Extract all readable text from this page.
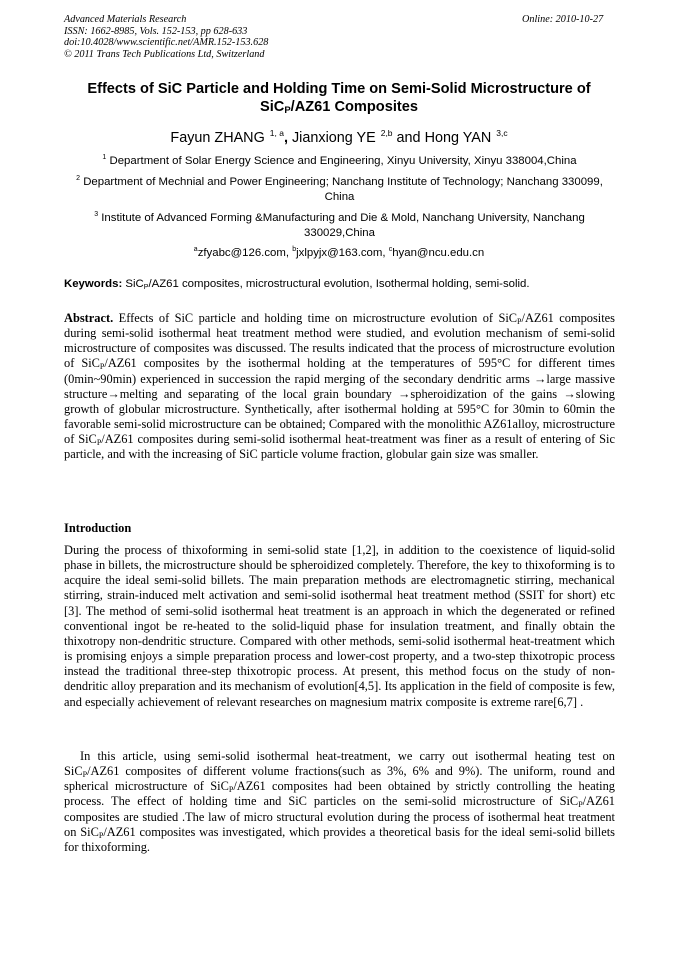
Advanced Materials Research
ISSN: 1662-8985, Vols. 152-153, pp 628-633
doi:10.4028/www.scientific.net/AMR.152-153.628
© 2011 Trans Tech Publications Ltd, Switzerland
Online: 2010-10-27
Effects of SiC Particle and Holding Time on Semi-Solid Microstructure of SiC$_P$/AZ61 Composites
Fayun ZHANG $^{1, a}$, Jianxiong YE $^{2,b}$ and Hong YAN $^{3,c}$
$^1$ Department of Solar Energy Science and Engineering, Xinyu University, Xinyu 338004,China
$^2$ Department of Mechnial and Power Engineering; Nanchang Institute of Technology; Nanchang 330099, China
$^3$ Institute of Advanced Forming &Manufacturing and Die & Mold, Nanchang University, Nanchang 330029,China
$^a$zfyabc@126.com, $^b$jxlpyjx@163.com, $^c$hyan@ncu.edu.cn
Keywords: SiC$_P$/AZ61 composites, microstructural evolution, Isothermal holding, semi-solid.
Abstract. Effects of SiC particle and holding time on microstructure evolution of SiC$_P$/AZ61 composites during semi-solid isothermal heat treatment method were studied, and evolution mechanism of semi-solid microstructure of composites was discussed. The results indicated that the process of microstructure evolution of SiC$_P$/AZ61 composites by the isothermal holding at the temperatures of 595°C for different times (0min~90min) experienced in succession the rapid merging of the secondary dendritic arms →large massive structure→melting and separating of the local grain boundary →spheroidization of the gains →slowing growth of globular microstructure. Synthetically, after isothermal holding at 595°C for 30min to 60min the favorable semi-solid microstructure can be obtained; Compared with the monolithic AZ61alloy, microstructure of SiC$_P$/AZ61 composites during semi-solid isothermal heat-treatment was finer as a result of entering of Sic particle, and with the increasing of SiC particle volume fraction, globular gain size was smaller.
Introduction
During the process of thixoforming in semi-solid state [1,2], in addition to the coexistence of liquid-solid phase in billets, the microstructure should be spheroidized completely. Therefore, the key to thixoforming is to acquire the ideal semi-solid billets. The main preparation methods are electromagnetic stirring, mechanical stirring, strain-induced melt activation and semi-solid isothermal heat treatment method (SSIT for short) etc [3]. The method of semi-solid isothermal heat treatment is an approach in which the degenerated or refined conventional ingot be re-heated to the solid-liquid phase for insulation treatment, and finally obtain the thixotropy non-dendritic structure. Compared with other methods, semi-solid isothermal heat-treatment which is promising enjoys a simple preparation process and lower-cost property, and a two-step thixotropic process instead the traditional three-step thixotropic process. At present, this method focus on the study of non-dendritic alloy preparation and its mechanism of evolution[4,5]. Its application in the field of composite is few, and especially achievement of relevant researches on magnesium matrix composite is extreme rare[6,7] .
In this article, using semi-solid isothermal heat-treatment, we carry out isothermal heating test on SiC$_P$/AZ61 composites of different volume fractions(such as 3%, 6% and 9%). The uniform, round and spherical microstructure of SiC$_P$/AZ61 composites had been obtained by strictly controlling the heating process. The effect of holding time and SiC particles on the semi-solid microstructure of SiC$_P$/AZ61 composites are studied .The law of micro structural evolution during the process of isothermal heat treatment on SiC$_P$/AZ61 composites was investigated, which provides a theoretical basis for the ideal semi-solid billets for thixoforming.
